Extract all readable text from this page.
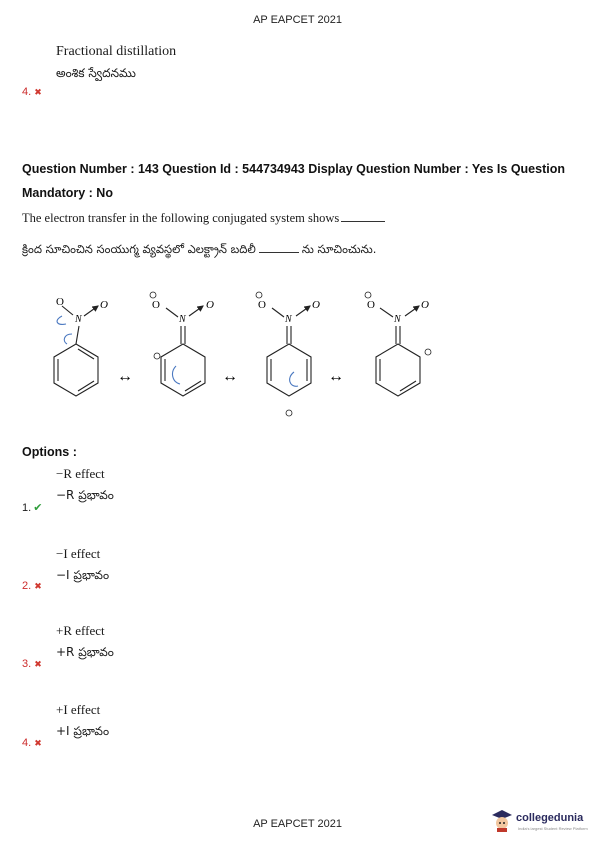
AP EAPCET 2021
Fractional distillation
అంశిక స్వేదనము
4. ✖
Question Number : 143 Question Id : 544734943 Display Question Number : Yes Is Question
Mandatory : No
The electron transfer in the following conjugated system shows
క్రింద సూచించిన సంయుగ్మ వ్యవస్థలో ఎలక్ట్రాన్ బదిలీ	ను సూచించును.
O
N
O
↔
O
N
O
↔
O
N
O
↔
O
N
O
Options :
−R effect
−R ప్రభావం
1. ✔
−I effect
−I ప్రభావం
2. ✖
+R effect
+R ప్రభావం
3. ✖
+I effect
+I ప్రభావం
4. ✖
AP EAPCET 2021	collegedunia
India's largest Student Review Platform
